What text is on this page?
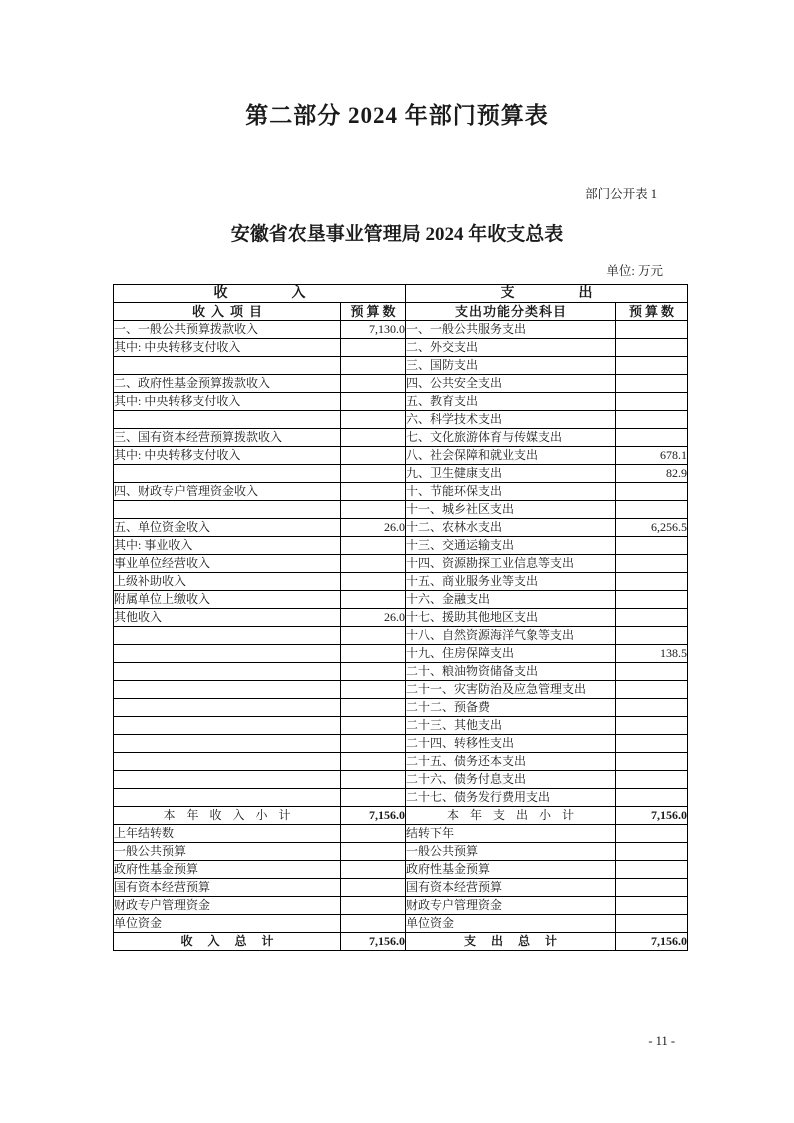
第二部分 2024 年部门预算表
部门公开表 1
安徽省农垦事业管理局 2024 年收支总表
单位: 万元
收入		支出	
收入项目	预算数	支出功能分类科目	预算数
一、一般公共预算拨款收入	7,130.0	一、一般公共服务支出	
其中: 中央转移支付收入		二、外交支出	
		三、国防支出	
二、政府性基金预算拨款收入		四、公共安全支出	
其中: 中央转移支付收入		五、教育支出	
		六、科学技术支出	
三、国有资本经营预算拨款收入		七、文化旅游体育与传媒支出	
其中: 中央转移支付收入		八、社会保障和就业支出	678.1
		九、卫生健康支出	82.9
四、财政专户管理资金收入		十、节能环保支出	
		十一、城乡社区支出	
五、单位资金收入	26.0	十二、农林水支出	6,256.5
其中: 事业收入		十三、交通运输支出	
事业单位经营收入		十四、资源勘探工业信息等支出	
上级补助收入		十五、商业服务业等支出	
附属单位上缴收入		十六、金融支出	
其他收入	26.0	十七、援助其他地区支出	
		十八、自然资源海洋气象等支出	
		十九、住房保障支出	138.5
		二十、粮油物资储备支出	
		二十一、灾害防治及应急管理支出	
		二十二、预备费	
		二十三、其他支出	
		二十四、转移性支出	
		二十五、债务还本支出	
		二十六、债务付息支出	
		二十七、债务发行费用支出	
本年收入小计	7,156.0	本年支出小计	7,156.0
上年结转数		结转下年	
一般公共预算		一般公共预算	
政府性基金预算		政府性基金预算	
国有资本经营预算		国有资本经营预算	
财政专户管理资金		财政专户管理资金	
单位资金		单位资金	
收入总计	7,156.0	支出总计	7,156.0
- 11 -
